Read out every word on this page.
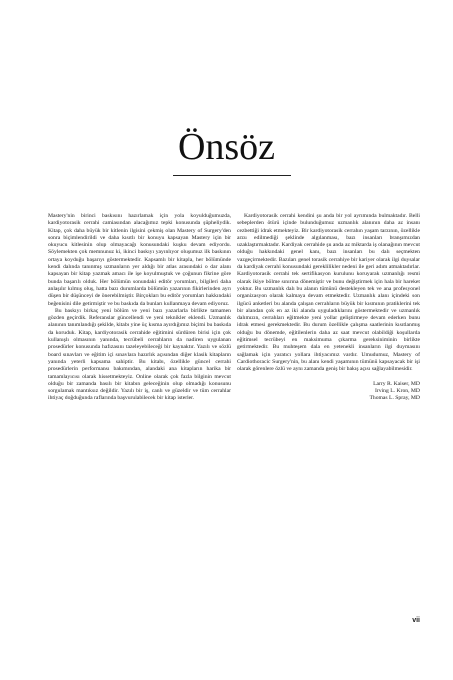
Önsöz

Mastery'nin birinci baskısını hazırlamak için yola koyulduğumuzda, kardiyotorasik cerrahi camiasından alacağımız tepki konusunda şüpheliydik. Kitap, çok daha büyük bir kitlenin ilgisini çekmiş olan Mastery of Surgery'den sonra biçimlendirildi ve daha kısıtlı bir konuyu kapsayan Mastery için bir okuyucu kitlesinin olup olmayacağı konusundaki kuşku devam ediyordu. Söylemekten çok memnunuz ki, ikinci baskıyı yayınlıyor oluşumuz ilk baskının ortaya koyduğu başarıyı göstermektedir. Kapsamlı bir kitapla, her bölümünde kendi dalında tanınmış uzmanların yer aldığı bir atlas arasındaki o dar alanı kapsayan bir kitap yazmak amacı ile işe koyulmuştuk ve çoğunun fikrine göre bunda başarılı olduk. Her bölümün sonundaki editör yorumları, bilgileri daha anlaşılır kılmış oluş, hatta bazı durumlarda bölümün yazarının fikirlerinden ayrı düşen bir düşünceyi de önerebilmiştir. Birçokları bu editör yorumları hakkındaki beğenisini dile getirmiştir ve bu baskıda da bunları kullanmaya devam ediyoruz.

Bu baskıyı birkaç yeni bölüm ve yeni bazı yazarlarla birlikte tamamen gözden geçirdik. Referanslar güncellendi ve yeni teknikler eklendi. Uzmanlık alanının tanımlandığı şekilde, kitabı yine üç kısma ayırdığımız biçimi bu baskıda da koruduk. Kitap, kardiyotorasik cerrahide eğitimini sürdüren birisi için çok kullanışlı olmasının yanında, tecrübeli cerrahların da nadiren uygulanan prosedürler konusunda hafızasını tazeleyebileceği bir kaynaktır. Yazılı ve sözlü board sınavları ve eğitim içi sınavlara hazırlık açısından diğer klasik kitapların yanında yeterli kapsama sahiptir. Bu kitabı, özellikle güncel cerrahi prosedürlerin performansı bakımından, alandaki ana kitapların harika bir tamamlayıcısı olarak hissetmekteyiz. Online olarak çok fazla bilginin mevcut olduğu bir zamanda basılı bir kitabın geleceğinin olup olmadığı konusunu sorgulamak mantıksız değildir. Yazılı bir iş, canlı ve güzeldir ve tüm cerrahlar ihtiyaç doğduğunda raflarında başvurulabilecek bir kitap isterler.

Kardiyotorasik cerrahi kendini şu anda bir yol ayrımında bulmaktadır. Belli sebeplerden ötürü içinde bulunduğumuz uzmanlık alanının daha az insanı cezbettiği idrak etmekteyiz. Bir kardiyotorasik cerrahın yaşam tarzının, özellikle arzu edilmediği şeklinde algılanması, bazı insanları branşımızdan uzaklaştırmaktadır. Kardiyak cerrahide şu anda az miktarda iş olanağının mevcut olduğu hakkındaki genel kanı, bazı insanları bu dalı seçmekten vazgeçirmektedir. Bazıları genel torasik cerrahiye bir kariyer olarak ilgi duysalar da kardiyak cerrahi konusundaki gereklilikler nedeni ile geri adım atmaktadırlar. Kardiyotorasik cerrahi tek sertifikasyon kurulunu koruyarak uzmanlığı resmi olarak ikiye bölme sınırına dönemiştir ve bunu değiştirmek için hala bir hareket yoktur. Bu uzmanlık dalı bu alanın tümünü destekleyen tek ve ana profesyonel organizasyon olarak kalmaya devam etmektedir. Uzmanlık alanı içindeki son ilgücü anketleri bu alanda çalışan cerrahların büyük bir kısmının pratiklerini tek bir alandan çok en az iki alanda uyguladıklarını göstermektedir ve uzmanlık dalımızın, cerrahları eğitmekte yeni yollar geliştirmeye devam ederken bunu idrak etmesi gerekmektedir. Bu durum özellikle çalışma saatlerinin kısıtlanmış olduğu bu dönemde, eğitilenlerin daha az saat mevcut olabildiği koşullarda eğitimsel tecrübeyi en maksimuma çıkarma gereksiniminin birlikte getirmektedir. Bu muhteşem dala en yetenekli insanların ilgi duymasını sağlamak için yaratıcı yollara ihtiyacımız vardır. Umudumuz, Mastery of Cardiothoracic Surgery'nin, bu alanı kendi yaşamının tümünü kapsayacak bir işi olarak görenlere özlü ve aynı zamanda geniş bir bakış açısı sağlayabilmesidir.

Larry R. Kaiser, MD
Irving L. Kron, MD
Thomas L. Spray, MD
vii
